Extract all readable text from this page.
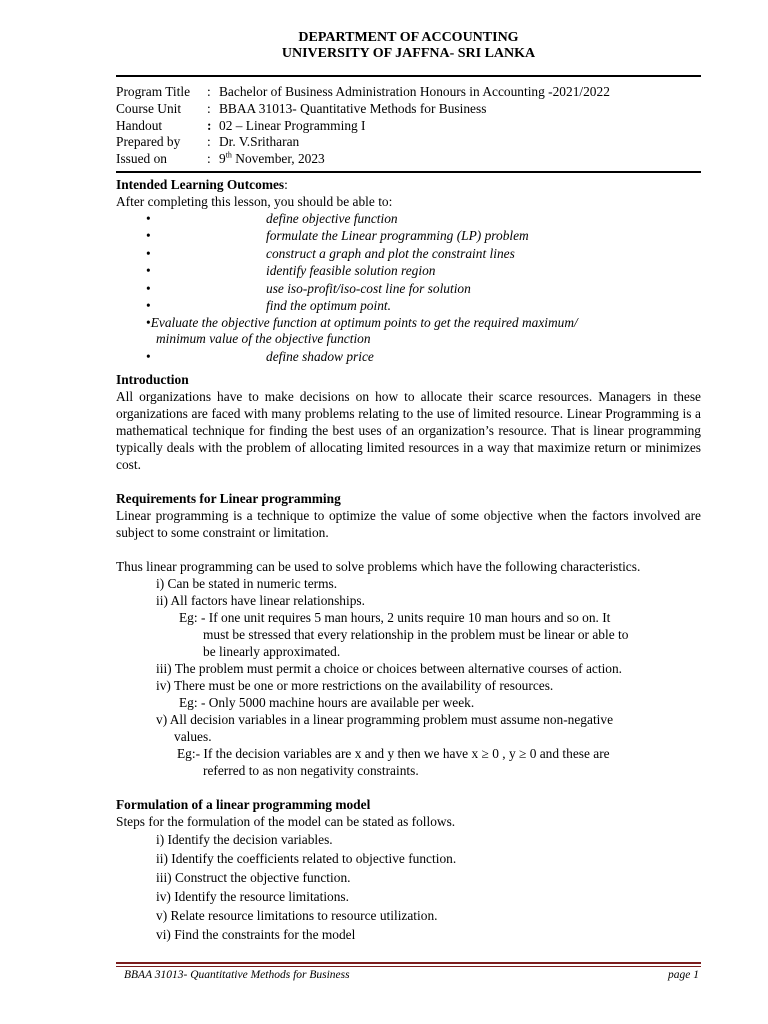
DEPARTMENT OF ACCOUNTING
UNIVERSITY OF JAFFNA- SRI LANKA
Program Title	: Bachelor of Business Administration Honours in Accounting -2021/2022
Course Unit	: BBAA 31013- Quantitative Methods for Business
Handout	: 02 – Linear Programming I
Prepared by	: Dr. V.Sritharan
Issued on	: 9th November, 2023
Intended Learning Outcomes:
After completing this lesson, you should be able to:
•	define objective function
•	formulate the Linear programming (LP) problem
•	construct a graph and plot the constraint lines
•	identify feasible solution region
•	use iso-profit/iso-cost line for solution
•	find the optimum point.
•Evaluate the objective function at optimum points to get the required maximum/
minimum value of the objective function
•	define shadow price
Introduction

All organizations have to make decisions on how to allocate their scarce resources. Managers in these organizations are faced with many problems relating to the use of limited resource. Linear Programming is a mathematical technique for finding the best uses of an organization’s resource. That is linear programming typically deals with the problem of allocating limited resources in a way that maximize return or minimizes cost.

Requirements for Linear programming

Linear programming is a technique to optimize the value of some objective when the factors involved are subject to some constraint or limitation.

Thus linear programming can be used to solve problems which have the following characteristics.

i) Can be stated in numeric terms.
ii) All factors have linear relationships.
Eg: - If one unit requires 5 man hours, 2 units require 10 man hours and so on. It
must be stressed that every relationship in the problem must be linear or able to
be linearly approximated.
iii) The problem must permit a choice or choices between alternative courses of action.
iv) There must be one or more restrictions on the availability of resources.
Eg: - Only 5000 machine hours are available per week.
v) All decision variables in a linear programming problem must assume non-negative
values.
Eg:- If the decision variables are x and y then we have x ≥ 0 , y ≥ 0 and these are
referred to as non negativity constraints.
Formulation of a linear programming model
Steps for the formulation of the model can be stated as follows.
i) Identify the decision variables.
ii) Identify the coefficients related to objective function.
iii) Construct the objective function.
iv) Identify the resource limitations.
v) Relate resource limitations to resource utilization.
vi) Find the constraints for the model
BBAA 31013- Quantitative Methods for Business	page 1
